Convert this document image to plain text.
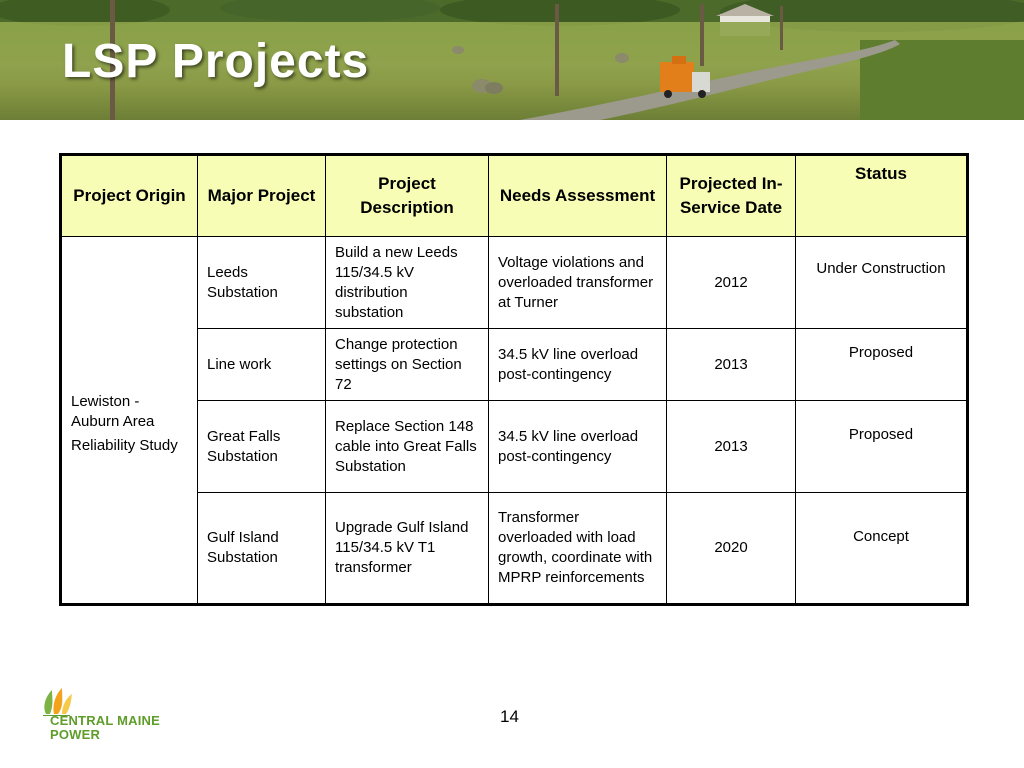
LSP Projects
Project Origin	Major Project	Project Description	Needs Assessment	Projected In-Service Date	Status

Lewiston - Auburn Area
Reliability Study	Leeds Substation	Build a new Leeds 115/34.5 kV distribution substation	Voltage violations and overloaded transformer at Turner	2012	Under Construction
	Line work	Change protection settings on Section 72	34.5 kV line overload post-contingency	2013	Proposed
	Great Falls Substation	Replace Section 148 cable into Great Falls Substation	34.5 kV line overload post-contingency	2013	Proposed
	Gulf Island Substation	Upgrade Gulf Island 115/34.5 kV T1 transformer	Transformer overloaded with load growth, coordinate with MPRP reinforcements	2020	Concept
14
CENTRAL MAINE
POWER
